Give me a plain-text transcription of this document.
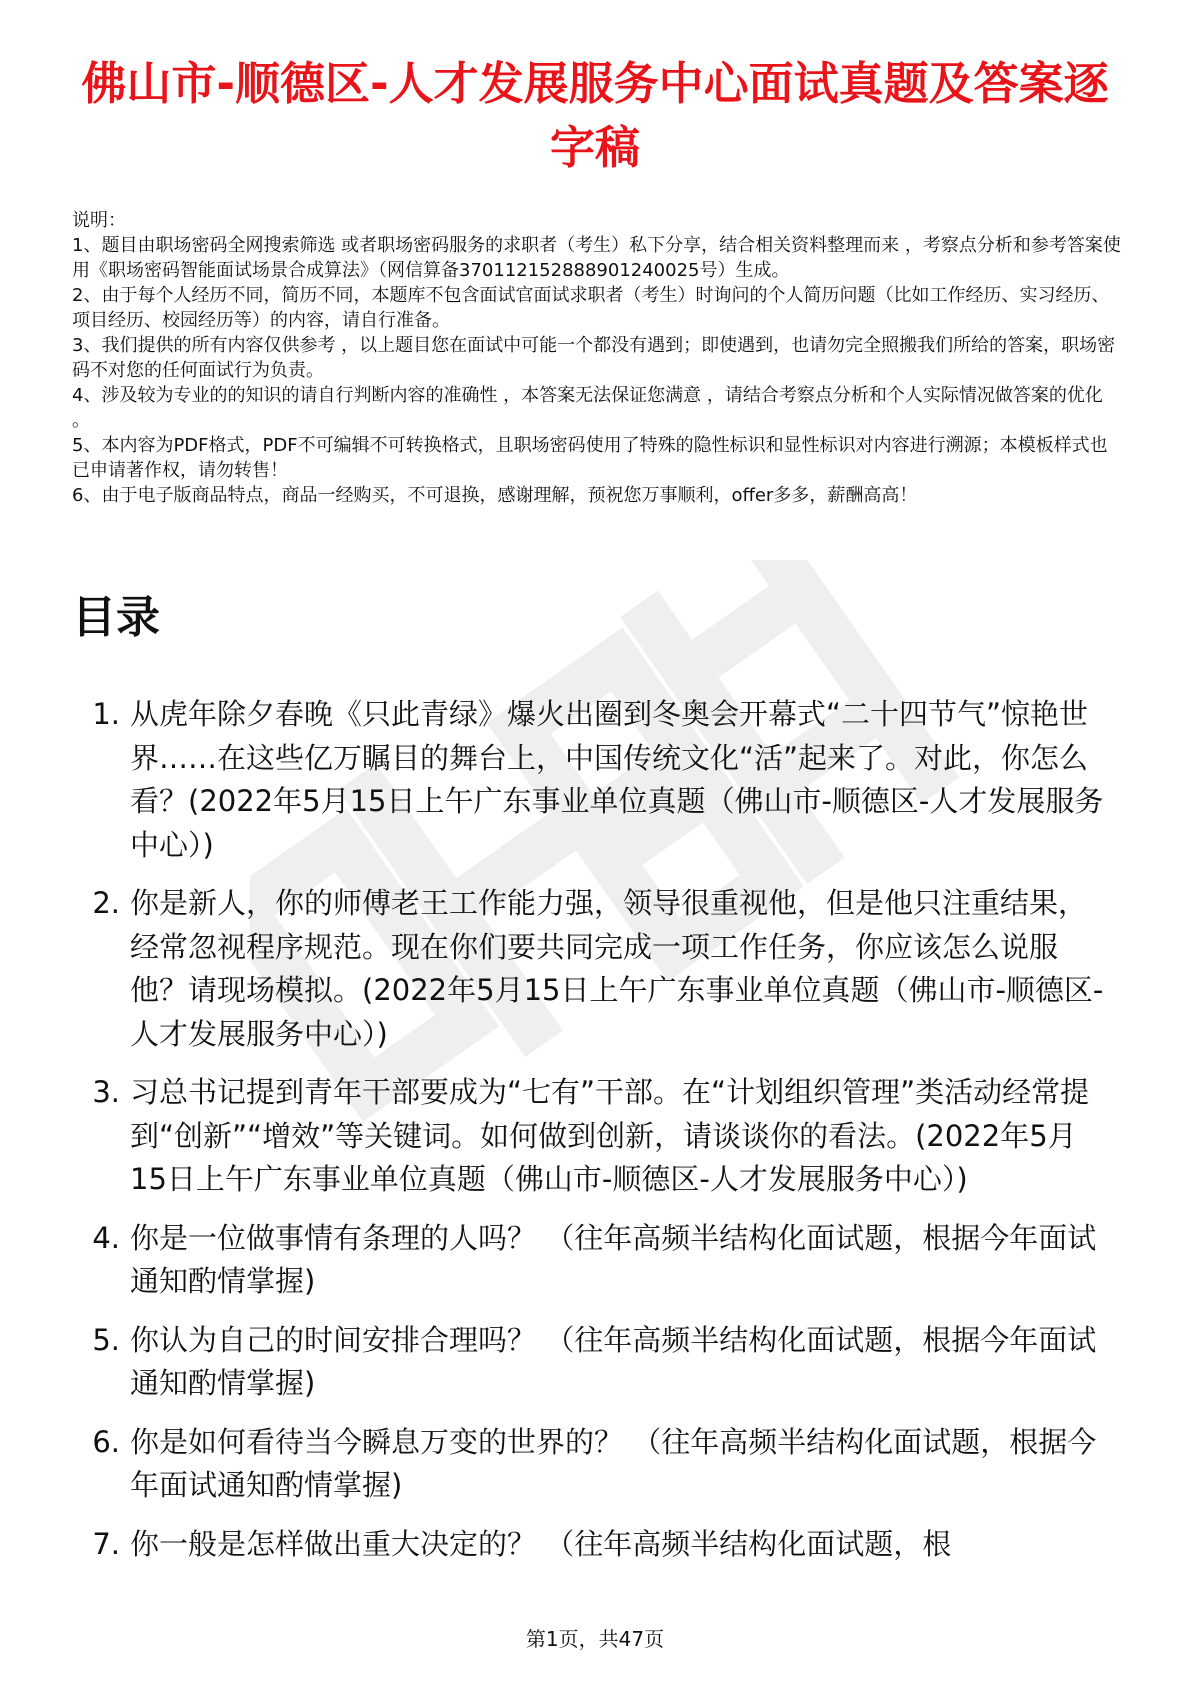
佛山市-顺德区-人才发展服务中心面试真题及答案逐字稿

说明：

1、题目由职场密码全网搜索筛选 或者职场密码服务的求职者（考生）私下分享，结合相关资料整理而来 ，考察点分析和参考答案使用《职场密码智能面试场景合成算法》（网信算备370112152888901240025号）生成。

2、由于每个人经历不同，简历不同，本题库不包含面试官面试求职者（考生）时询问的个人简历问题（比如工作经历、实习经历、项目经历、校园经历等）的内容，请自行准备。

3、我们提供的所有内容仅供参考 ，以上题目您在面试中可能一个都没有遇到；即使遇到，也请勿完全照搬我们所给的答案，职场密码不对您的任何面试行为负责。

4、涉及较为专业的的知识的请自行判断内容的准确性 ，本答案无法保证您满意 ，请结合考察点分析和个人实际情况做答案的优化 。

5、本内容为PDF格式，PDF不可编辑不可转换格式，且职场密码使用了特殊的隐性标识和显性标识对内容进行溯源；本模板样式也已申请著作权，请勿转售！

6、由于电子版商品特点，商品一经购买，不可退换，感谢理解，预祝您万事顺利，offer多多，薪酬高高！

目录
1. 从虎年除夕春晚《只此青绿》爆火出圈到冬奥会开幕式“二十四节气”惊艳世界……在这些亿万瞩目的舞台上，中国传统文化“活”起来了。对此，你怎么看？(2022年5月15日上午广东事业单位真题（佛山市-顺德区-人才发展服务中心）)
2. 你是新人，你的师傅老王工作能力强，领导很重视他，但是他只注重结果，经常忽视程序规范。现在你们要共同完成一项工作任务，你应该怎么说服他？请现场模拟。(2022年5月15日上午广东事业单位真题（佛山市-顺德区-人才发展服务中心）)
3. 习总书记提到青年干部要成为“七有”干部。在“计划组织管理”类活动经常提到“创新”“增效”等关键词。如何做到创新，请谈谈你的看法。(2022年5月15日上午广东事业单位真题（佛山市-顺德区-人才发展服务中心）)
4. 你是一位做事情有条理的人吗？ （往年高频半结构化面试题，根据今年面试通知酌情掌握)
5. 你认为自己的时间安排合理吗？ （往年高频半结构化面试题，根据今年面试通知酌情掌握)
6. 你是如何看待当今瞬息万变的世界的？ （往年高频半结构化面试题，根据今年面试通知酌情掌握)
7. 你一般是怎样做出重大决定的？ （往年高频半结构化面试题，根
第1页，共47页
